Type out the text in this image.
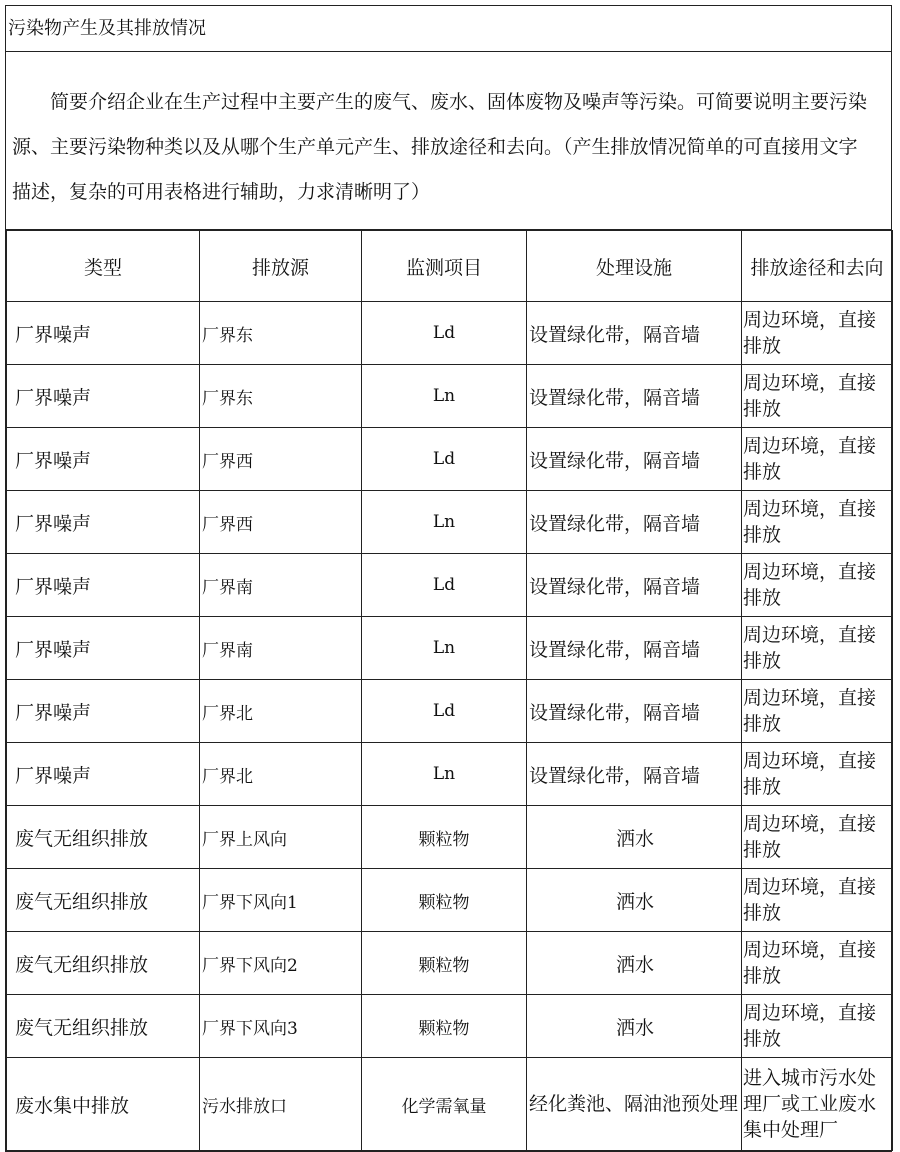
污染物产生及其排放情况
简要介绍企业在生产过程中主要产生的废气、废水、固体废物及噪声等污染。可简要说明主要污染源、主要污染物种类以及从哪个生产单元产生、排放途径和去向。（产生排放情况简单的可直接用文字描述，复杂的可用表格进行辅助，力求清晰明了）
类型	排放源	监测项目	处理设施	排放途径和去向
厂界噪声	厂界东	Ld	设置绿化带，隔音墙	周边环境，直接排放
厂界噪声	厂界东	Ln	设置绿化带，隔音墙	周边环境，直接排放
厂界噪声	厂界西	Ld	设置绿化带，隔音墙	周边环境，直接排放
厂界噪声	厂界西	Ln	设置绿化带，隔音墙	周边环境，直接排放
厂界噪声	厂界南	Ld	设置绿化带，隔音墙	周边环境，直接排放
厂界噪声	厂界南	Ln	设置绿化带，隔音墙	周边环境，直接排放
厂界噪声	厂界北	Ld	设置绿化带，隔音墙	周边环境，直接排放
厂界噪声	厂界北	Ln	设置绿化带，隔音墙	周边环境，直接排放
废气无组织排放	厂界上风向	颗粒物	洒水	周边环境，直接排放
废气无组织排放	厂界下风向1	颗粒物	洒水	周边环境，直接排放
废气无组织排放	厂界下风向2	颗粒物	洒水	周边环境，直接排放
废气无组织排放	厂界下风向3	颗粒物	洒水	周边环境，直接排放
废水集中排放	污水排放口	化学需氧量	经化粪池、隔油池预处理	进入城市污水处理厂或工业废水集中处理厂
